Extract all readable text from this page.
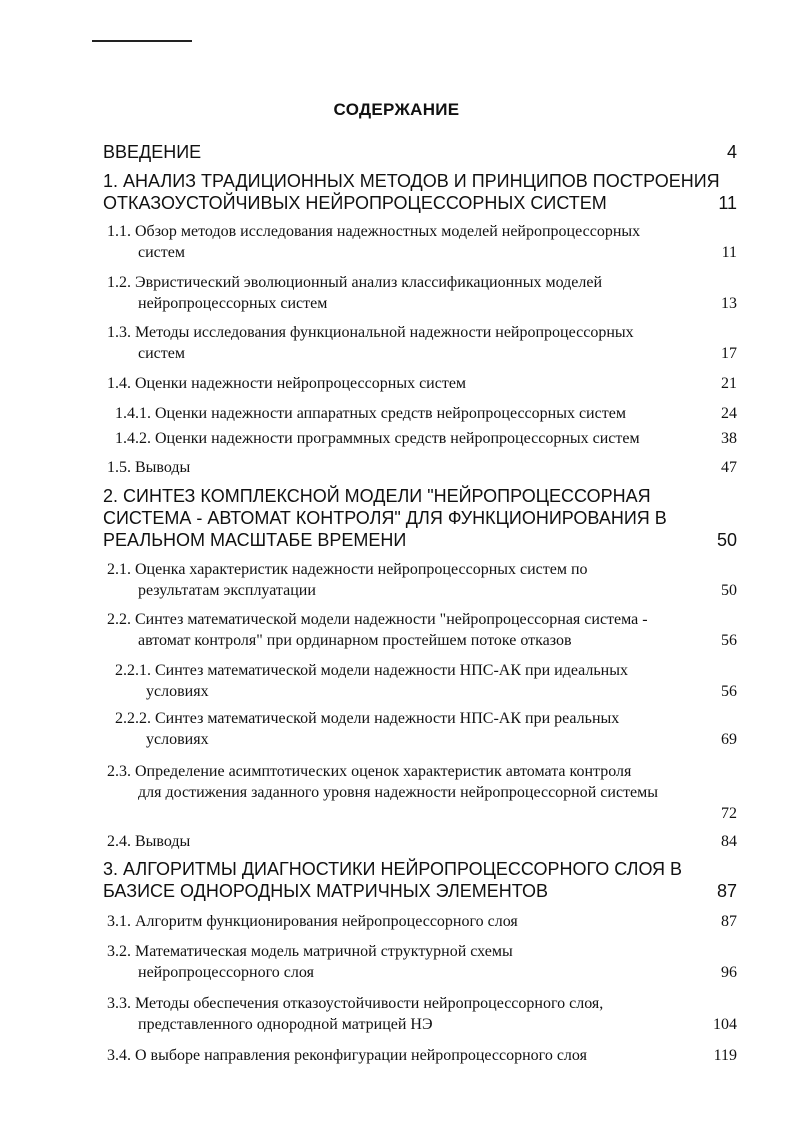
СОДЕРЖАНИЕ
ВВЕДЕНИЕ	4
1. АНАЛИЗ ТРАДИЦИОННЫХ МЕТОДОВ И ПРИНЦИПОВ ПОСТРОЕНИЯ
ОТКАЗОУСТОЙЧИВЫХ НЕЙРОПРОЦЕССОРНЫХ СИСТЕМ	11
1.1. Обзор методов исследования надежностных моделей нейропроцессорных
систем	11
1.2. Эвристический эволюционный анализ классификационных моделей
нейропроцессорных систем	13
1.3. Методы исследования функциональной надежности нейропроцессорных
систем	17
1.4. Оценки надежности нейропроцессорных систем	21
1.4.1. Оценки надежности аппаратных средств нейропроцессорных систем	24
1.4.2. Оценки надежности программных средств нейропроцессорных систем	38
1.5. Выводы	47
2. СИНТЕЗ КОМПЛЕКСНОЙ МОДЕЛИ "НЕЙРОПРОЦЕССОРНАЯ
СИСТЕМА - АВТОМАТ КОНТРОЛЯ" ДЛЯ ФУНКЦИОНИРОВАНИЯ В
РЕАЛЬНОМ МАСШТАБЕ ВРЕМЕНИ	50
2.1. Оценка характеристик надежности нейропроцессорных систем по
результатам эксплуатации	50
2.2. Синтез математической модели надежности "нейропроцессорная система -
автомат контроля" при ординарном простейшем потоке отказов	56
2.2.1. Синтез математической модели надежности НПС-АК при идеальных
условиях	56
2.2.2. Синтез математической модели надежности НПС-АК при реальных
условиях	69
2.3. Определение асимптотических оценок характеристик автомата контроля
для достижения заданного уровня надежности нейропроцессорной системы
72
2.4. Выводы	84
3. АЛГОРИТМЫ ДИАГНОСТИКИ НЕЙРОПРОЦЕССОРНОГО СЛОЯ В
БАЗИСЕ ОДНОРОДНЫХ МАТРИЧНЫХ ЭЛЕМЕНТОВ	87
3.1. Алгоритм функционирования нейропроцессорного слоя	87
3.2. Математическая модель матричной структурной схемы
нейропроцессорного слоя	96
3.3. Методы обеспечения отказоустойчивости нейропроцессорного слоя,
представленного однородной матрицей НЭ	104
3.4. О выборе направления реконфигурации нейропроцессорного слоя	119
